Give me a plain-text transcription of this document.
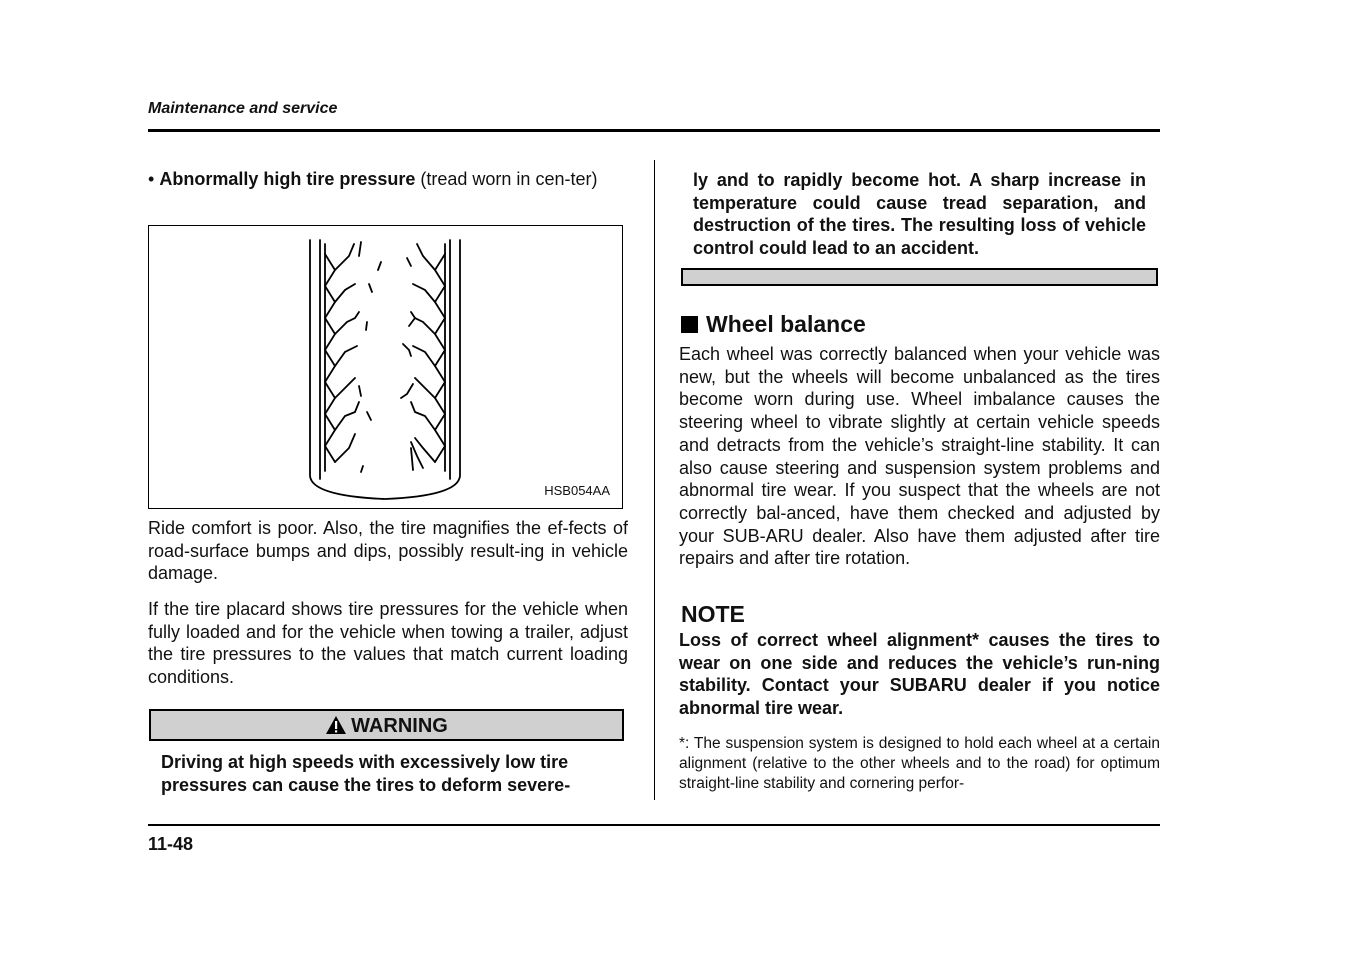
Maintenance and service
• Abnormally high tire pressure (tread worn in cen-ter)
HSB054AA
Ride comfort is poor. Also, the tire magnifies the ef-fects of road-surface bumps and dips, possibly result-ing in vehicle damage.
If the tire placard shows tire pressures for the vehicle when fully loaded and for the vehicle when towing a trailer, adjust the tire pressures to the values that match current loading conditions.
WARNING
Driving at high speeds with excessively low tire pressures can cause the tires to deform severe-
ly and to rapidly become hot. A sharp increase in temperature could cause tread separation, and destruction of the tires. The resulting loss of vehicle control could lead to an accident.
Wheel balance
Each wheel was correctly balanced when your vehicle was new, but the wheels will become unbalanced as the tires become worn during use. Wheel imbalance causes the steering wheel to vibrate slightly at certain vehicle speeds and detracts from the vehicle’s straight-line stability. It can also cause steering and suspension system problems and abnormal tire wear. If you suspect that the wheels are not correctly bal-anced, have them checked and adjusted by your SUB-ARU dealer. Also have them adjusted after tire repairs and after tire rotation.
NOTE
Loss of correct wheel alignment* causes the tires to wear on one side and reduces the vehicle’s run-ning stability. Contact your SUBARU dealer if you notice abnormal tire wear.
*: The suspension system is designed to hold each wheel at a certain alignment (relative to the other wheels and to the road) for optimum straight-line stability and cornering perfor-
11-48
